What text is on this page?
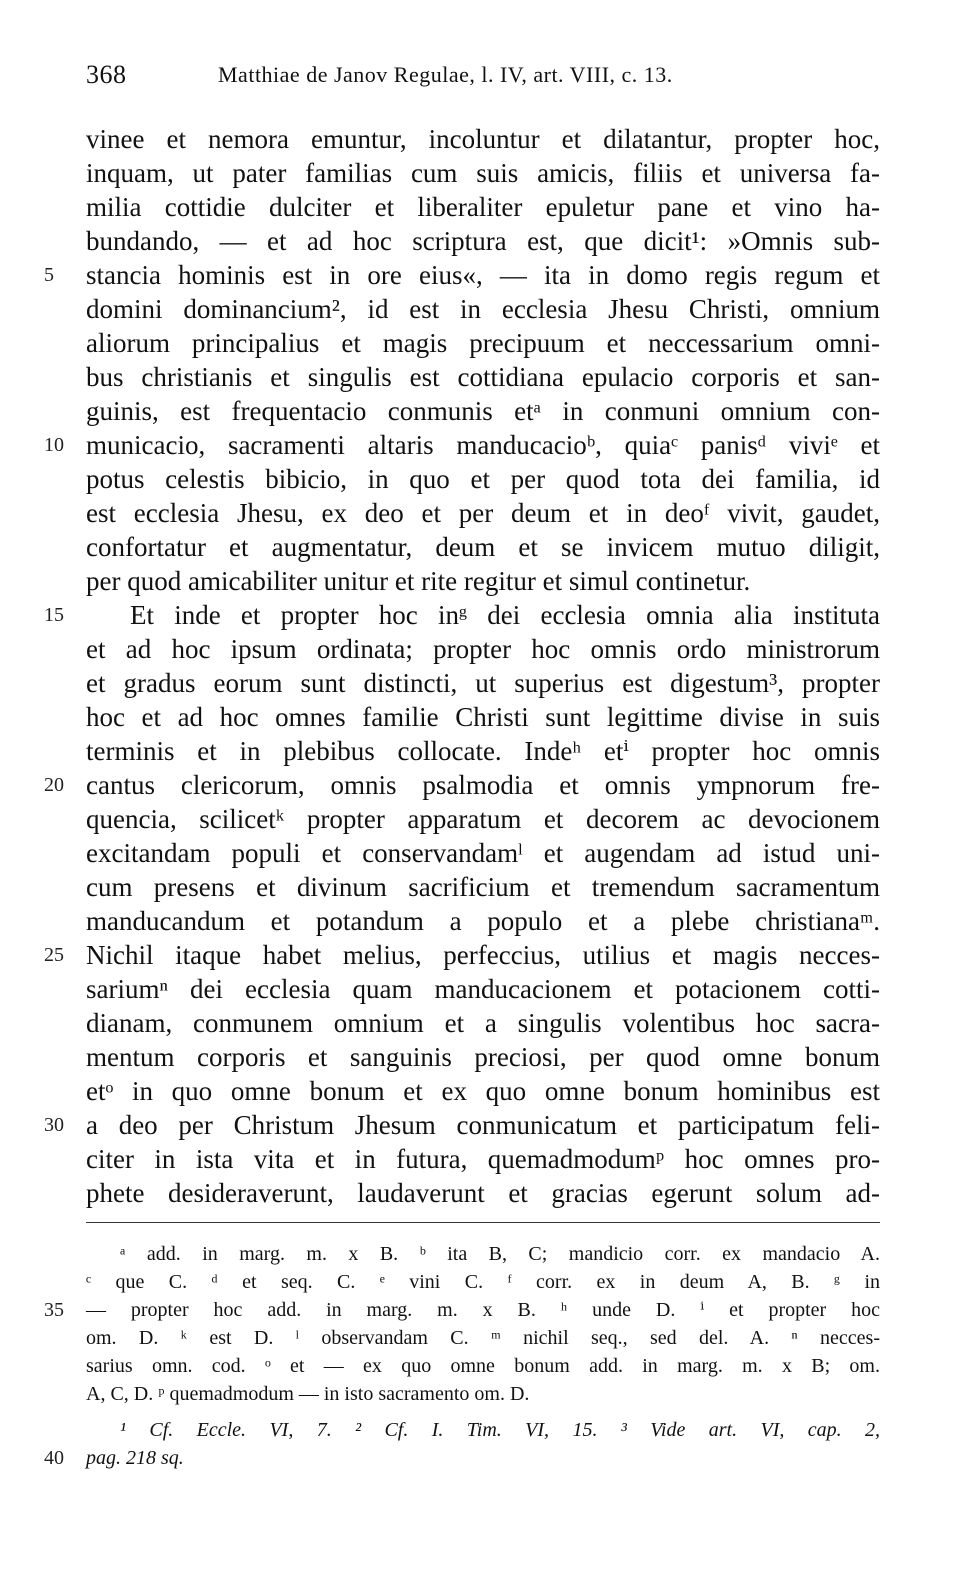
368	Matthiae de Janov Regulae, l. IV, art. VIII, c. 13.
vinee et nemora emuntur, incoluntur et dilatantur, propter hoc,
inquam, ut pater familias cum suis amicis, filiis et universa fa-
milia cottidie dulciter et liberaliter epuletur pane et vino ha-
bundando, — et ad hoc scriptura est, que dicit¹: »Omnis sub-
5	stancia hominis est in ore eius«, — ita in domo regis regum et
domini dominancium², id est in ecclesia Jhesu Christi, omnium
aliorum principalius et magis precipuum et neccessarium omni-
bus christianis et singulis est cottidiana epulacio corporis et san-
guinis, est frequentacio conmunis etᵃ in conmuni omnium con-
10 municacio, sacramenti altaris manducacioᵇ, quiaᶜ panisᵈ viviᵉ et
potus celestis bibicio, in quo et per quod tota dei familia, id
est ecclesia Jhesu, ex deo et per deum et in deoᶠ vivit, gaudet,
confortatur et augmentatur, deum et se invicem mutuo diligit,
per quod amicabiliter unitur et rite regitur et simul continetur.
15	Et inde et propter hoc inᵍ dei ecclesia omnia alia instituta
et ad hoc ipsum ordinata; propter hoc omnis ordo ministrorum
et gradus eorum sunt distincti, ut superius est digestum³, propter
hoc et ad hoc omnes familie Christi sunt legittime divise in suis
terminis et in plebibus collocate. Indeʰ etⁱ propter hoc omnis
20 cantus clericorum, omnis psalmodia et omnis ympnorum fre-
quencia, scilicetᵏ propter apparatum et decorem ac devocionem
excitandam populi et conservandamˡ et augendam ad istud uni-
cum presens et divinum sacrificium et tremendum sacramentum
manducandum et potandum a populo et a plebe christianaᵐ.
25 Nichil itaque habet melius, perfeccius, utilius et magis necces-
sariumⁿ dei ecclesia quam manducacionem et potacionem cotti-
dianam, conmunem omnium et a singulis volentibus hoc sacra-
mentum corporis et sanguinis preciosi, per quod omne bonum
etᵒ in quo omne bonum et ex quo omne bonum hominibus est
30 a deo per Christum Jhesum conmunicatum et participatum feli-
citer in ista vita et in futura, quemadmodumᵖ hoc omnes pro-
phete desideraverunt, laudaverunt et gracias egerunt solum ad-
ᵃ add. in marg. m. x B. ᵇ ita B, C; mandicio corr. ex mandacio A.
ᶜ que C. ᵈ et seq. C. ᵉ vini C. ᶠ corr. ex in deum A, B. ᵍ in
35	— propter hoc add. in marg. m. x B. ʰ unde D. ⁱ et propter hoc
om. D. ᵏ est D. ˡ observandam C. ᵐ nichil seq., sed del. A. ⁿ necces-
sarius omn. cod. ᵒ et — ex quo omne bonum add. in marg. m. x B; om.
A, C, D. ᵖ quemadmodum — in isto sacramento om. D.
¹ Cf. Eccle. VI, 7. ² Cf. I. Tim. VI, 15. ³ Vide art. VI, cap. 2,
40	pag. 218 sq.
